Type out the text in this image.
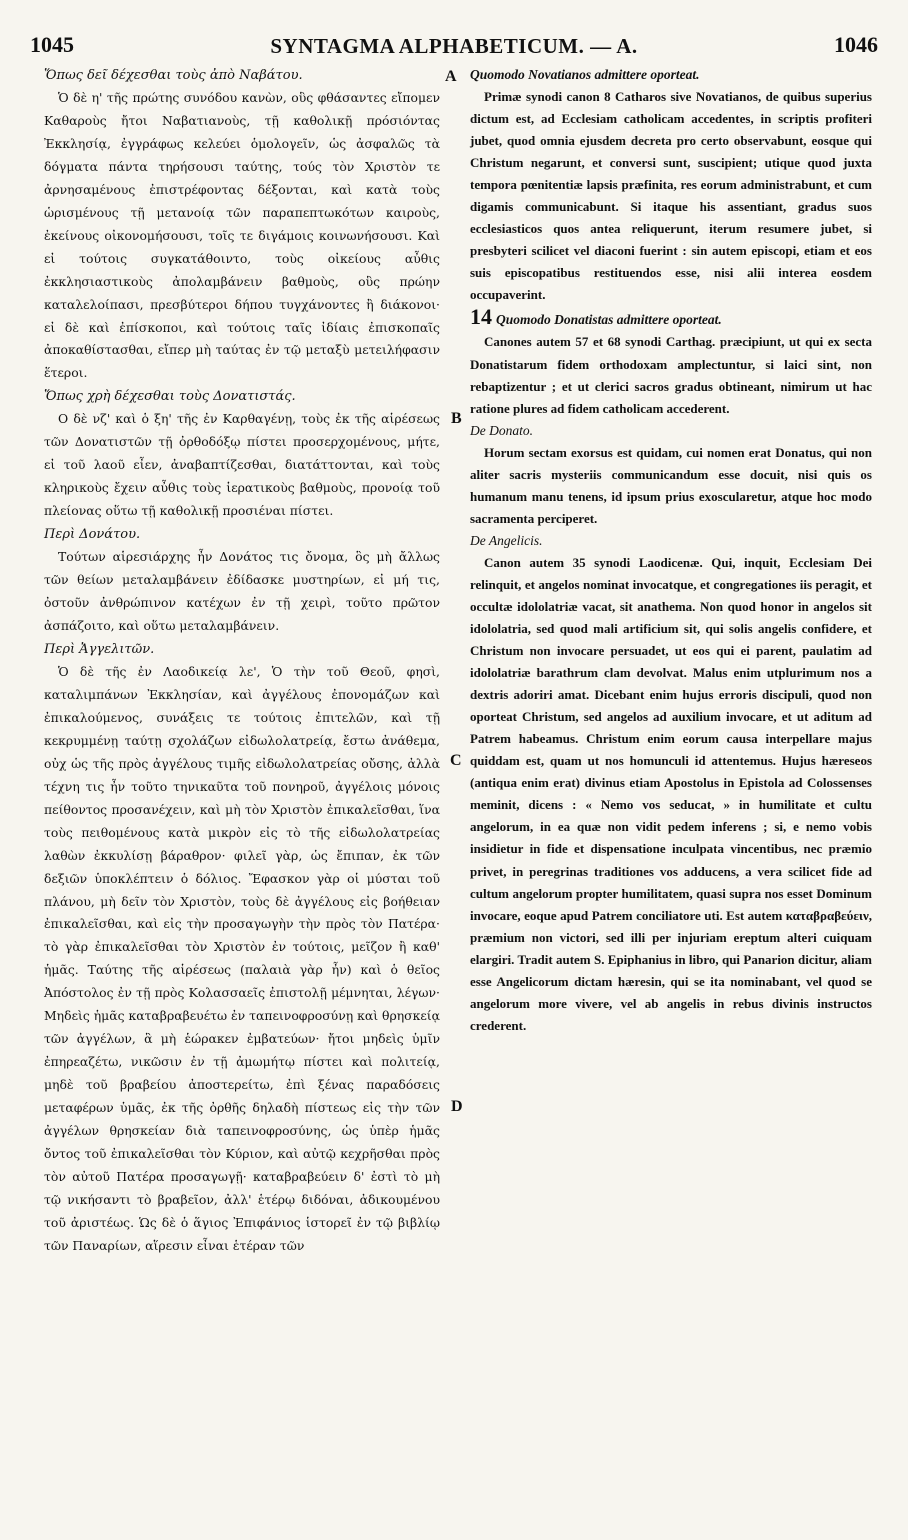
1045	SYNTAGMA ALPHABETICUM. — A.	1046
A
B
C
D

Ὅπως δεῖ δέχεσθαι τοὺς ἀπὸ Ναβάτου.

Ὁ δὲ η' τῆς πρώτης συνόδου κανὼν, οὓς φθάσαντες εἴπομεν Καθαροὺς ἤτοι Ναβατιανοὺς, τῇ καθολικῇ πρόσιόντας Ἐκκλησίᾳ, ἐγγράφως κελεύει ὁμολογεῖν, ὡς ἀσφαλῶς τὰ δόγματα πάντα τηρήσουσι ταύτης, τούς τὸν Χριστὸν τε ἀρνησαμένους ἐπιστρέφοντας δέξονται, καὶ κατὰ τοὺς ὡρισμένους τῇ μετανοίᾳ τῶν παραπεπτωκότων καιροὺς, ἐκείνους οἰκονομήσουσι, τοῖς τε διγάμοις κοινωνήσουσι. Καὶ εἰ τούτοις συγκατάθοιντο, τοὺς οἰκείους αὖθις ἐκκλησιαστικοὺς ἀπολαμβάνειν βαθμοὺς, οὓς πρώην καταλελοίπασι, πρεσβύτεροι δήπου τυγχάνοντες ἢ διάκονοι· εἰ δὲ καὶ ἐπίσκοποι, καὶ τούτοις ταῖς ἰδίαις ἐπισκοπαῖς ἀποκαθίστασθαι, εἴπερ μὴ ταύτας ἐν τῷ μεταξὺ μετειλήφασιν ἕτεροι.

Ὅπως χρὴ δέχεσθαι τοὺς Δονατιστάς.

Ο δὲ νζ' καὶ ὁ ξη' τῆς ἐν Καρθαγένῃ, τοὺς ἐκ τῆς αἱρέσεως τῶν Δονατιστῶν τῇ ὀρθοδόξῳ πίστει προσερχομένους, μήτε, εἰ τοῦ λαοῦ εἶεν, ἀναβαπτίζεσθαι, διατάττονται, καὶ τοὺς κληρικοὺς ἔχειν αὖθις τοὺς ἱερατικοὺς βαθμοὺς, προνοίᾳ τοῦ πλείονας οὕτω τῇ καθολικῇ προσιέναι πίστει.

Περὶ Δονάτου.

Τούτων αἱρεσιάρχης ἦν Δονάτος τις ὄνομα, ὃς μὴ ἄλλως τῶν θείων μεταλαμβάνειν ἐδίδασκε μυστηρίων, εἰ μή τις, ὀστοῦν ἀνθρώπινον κατέχων ἐν τῇ χειρὶ, τοῦτο πρῶτον ἀσπάζοιτο, καὶ οὕτω μεταλαμβάνειν.

Περὶ Ἀγγελιτῶν.

Ὁ δὲ τῆς ἐν Λαοδικείᾳ λε', Ὁ τὴν τοῦ Θεοῦ, φησὶ, καταλιμπάνων Ἐκκλησίαν, καὶ ἀγγέλους ἐπονομάζων καὶ ἐπικαλούμενος, συνάξεις τε τούτοις ἐπιτελῶν, καὶ τῇ κεκρυμμένῃ ταύτῃ σχολάζων εἰδωλολατρείᾳ, ἔστω ἀνάθεμα, οὐχ ὡς τῆς πρὸς ἀγγέλους τιμῆς εἰδωλολατρείας οὔσης, ἀλλὰ τέχνη τις ἦν τοῦτο τηνικαῦτα τοῦ πονηροῦ, ἀγγέλοις μόνοις πείθοντος προσανέχειν, καὶ μὴ τὸν Χριστὸν ἐπικαλεῖσθαι, ἵνα τοὺς πειθομένους κατὰ μικρὸν εἰς τὸ τῆς εἰδωλολατρείας λαθὼν ἐκκυλίσῃ βάραθρον· φιλεῖ γὰρ, ὡς ἔπιπαν, ἐκ τῶν δεξιῶν ὑποκλέπτειν ὁ δόλιος. Ἔφασκον γὰρ οἱ μύσται τοῦ πλάνου, μὴ δεῖν τὸν Χριστὸν, τοὺς δὲ ἀγγέλους εἰς βοήθειαν ἐπικαλεῖσθαι, καὶ εἰς τὴν προσαγωγὴν τὴν πρὸς τὸν Πατέρα· τὸ γὰρ ἐπικαλεῖσθαι τὸν Χριστὸν ἐν τούτοις, μεῖζον ἢ καθ' ἡμᾶς. Ταύτης τῆς αἱρέσεως (παλαιὰ γὰρ ἦν) καὶ ὁ θεῖος Ἀπόστολος ἐν τῇ πρὸς Κολασσαεῖς ἐπιστολῇ μέμνηται, λέγων· Μηδεὶς ἡμᾶς καταβραβευέτω ἐν ταπεινοφροσύνῃ καὶ θρησκείᾳ τῶν ἀγγέλων, ἃ μὴ ἑώρακεν ἐμβατεύων· ἤτοι μηδεὶς ὑμῖν ἐπηρεαζέτω, νικῶσιν ἐν τῇ ἀμωμήτῳ πίστει καὶ πολιτείᾳ, μηδὲ τοῦ βραβείου ἀποστερείτω, ἐπὶ ξένας παραδόσεις μεταφέρων ὑμᾶς, ἐκ τῆς ὀρθῆς δηλαδὴ πίστεως εἰς τὴν τῶν ἀγγέλων θρησκείαν διὰ ταπεινοφροσύνης, ὡς ὑπὲρ ἡμᾶς ὄντος τοῦ ἐπικαλεῖσθαι τὸν Κύριον, καὶ αὐτῷ κεχρῆσθαι πρὸς τὸν αὐτοῦ Πατέρα προσαγωγῇ· καταβραβεύειν δ' ἐστὶ τὸ μὴ τῷ νικήσαντι τὸ βραβεῖον, ἀλλ' ἑτέρῳ διδόναι, ἀδικουμένου τοῦ ἀριστέως. Ὡς δὲ ὁ ἅγιος Ἐπιφάνιος ἱστορεῖ ἐν τῷ βιβλίῳ τῶν Παναρίων, αἵρεσιν εἶναι ἑτέραν τῶν

Quomodo Novatianos admittere oporteat.

Primæ synodi canon 8 Catharos sive Novatianos, de quibus superius dictum est, ad Ecclesiam catholicam accedentes, in scriptis profiteri jubet, quod omnia ejusdem decreta pro certo observabunt, eosque qui Christum negarunt, et conversi sunt, suscipient; utique quod juxta tempora pœnitentiæ lapsis præfinita, res eorum administrabunt, et cum digamis communicabunt. Si itaque his assentiant, gradus suos ecclesiasticos quos antea reliquerunt, iterum resumere jubet, si presbyteri scilicet vel diaconi fuerint : sin autem episcopi, etiam et eos suis episcopatibus restituendos esse, nisi alii interea eosdem occupaverint.

14 Quomodo Donatistas admittere oporteat.

Canones autem 57 et 68 synodi Carthag. præcipiunt, ut qui ex secta Donatistarum fidem orthodoxam amplectuntur, si laici sint, non rebaptizentur ; et ut clerici sacros gradus obtineant, nimirum ut hac ratione plures ad fidem catholicam accederent.

De Donato.

Horum sectam exorsus est quidam, cui nomen erat Donatus, qui non aliter sacris mysteriis communicandum esse docuit, nisi quis os humanum manu tenens, id ipsum prius exoscularetur, atque hoc modo sacramenta perciperet.

De Angelicis.

Canon autem 35 synodi Laodicenæ. Qui, inquit, Ecclesiam Dei relinquit, et angelos nominat invocatque, et congregationes iis peragit, et occultæ idololatriæ vacat, sit anathema. Non quod honor in angelos sit idololatria, sed quod mali artificium sit, qui solis angelis confidere, et Christum non invocare persuadet, ut eos qui ei parent, paulatim ad idololatriæ barathrum clam devolvat. Malus enim utplurimum nos a dextris adoriri amat. Dicebant enim hujus erroris discipuli, quod non oporteat Christum, sed angelos ad auxilium invocare, et ut aditum ad Patrem habeamus. Christum enim eorum causa interpellare majus quiddam est, quam ut nos homunculi id attentemus. Hujus hæreseos (antiqua enim erat) divinus etiam Apostolus in Epistola ad Colossenses meminit, dicens : « Nemo vos seducat, » in humilitate et cultu angelorum, in ea quæ non vidit pedem inferens ; si, e nemo vobis insidietur in fide et dispensatione inculpata vincentibus, nec præmio privet, in peregrinas traditiones vos adducens, a vera scilicet fide ad cultum angelorum propter humilitatem, quasi supra nos esset Dominum invocare, eoque apud Patrem conciliatore uti. Est autem καταβραβεύειν, præmium non victori, sed illi per injuriam ereptum alteri cuiquam elargiri. Tradit autem S. Epiphanius in libro, qui Panarion dicitur, aliam esse Angelicorum dictam hæresin, qui se ita nominabant, vel quod se angelorum more vivere, vel ab angelis in rebus divinis instructos crederent.
